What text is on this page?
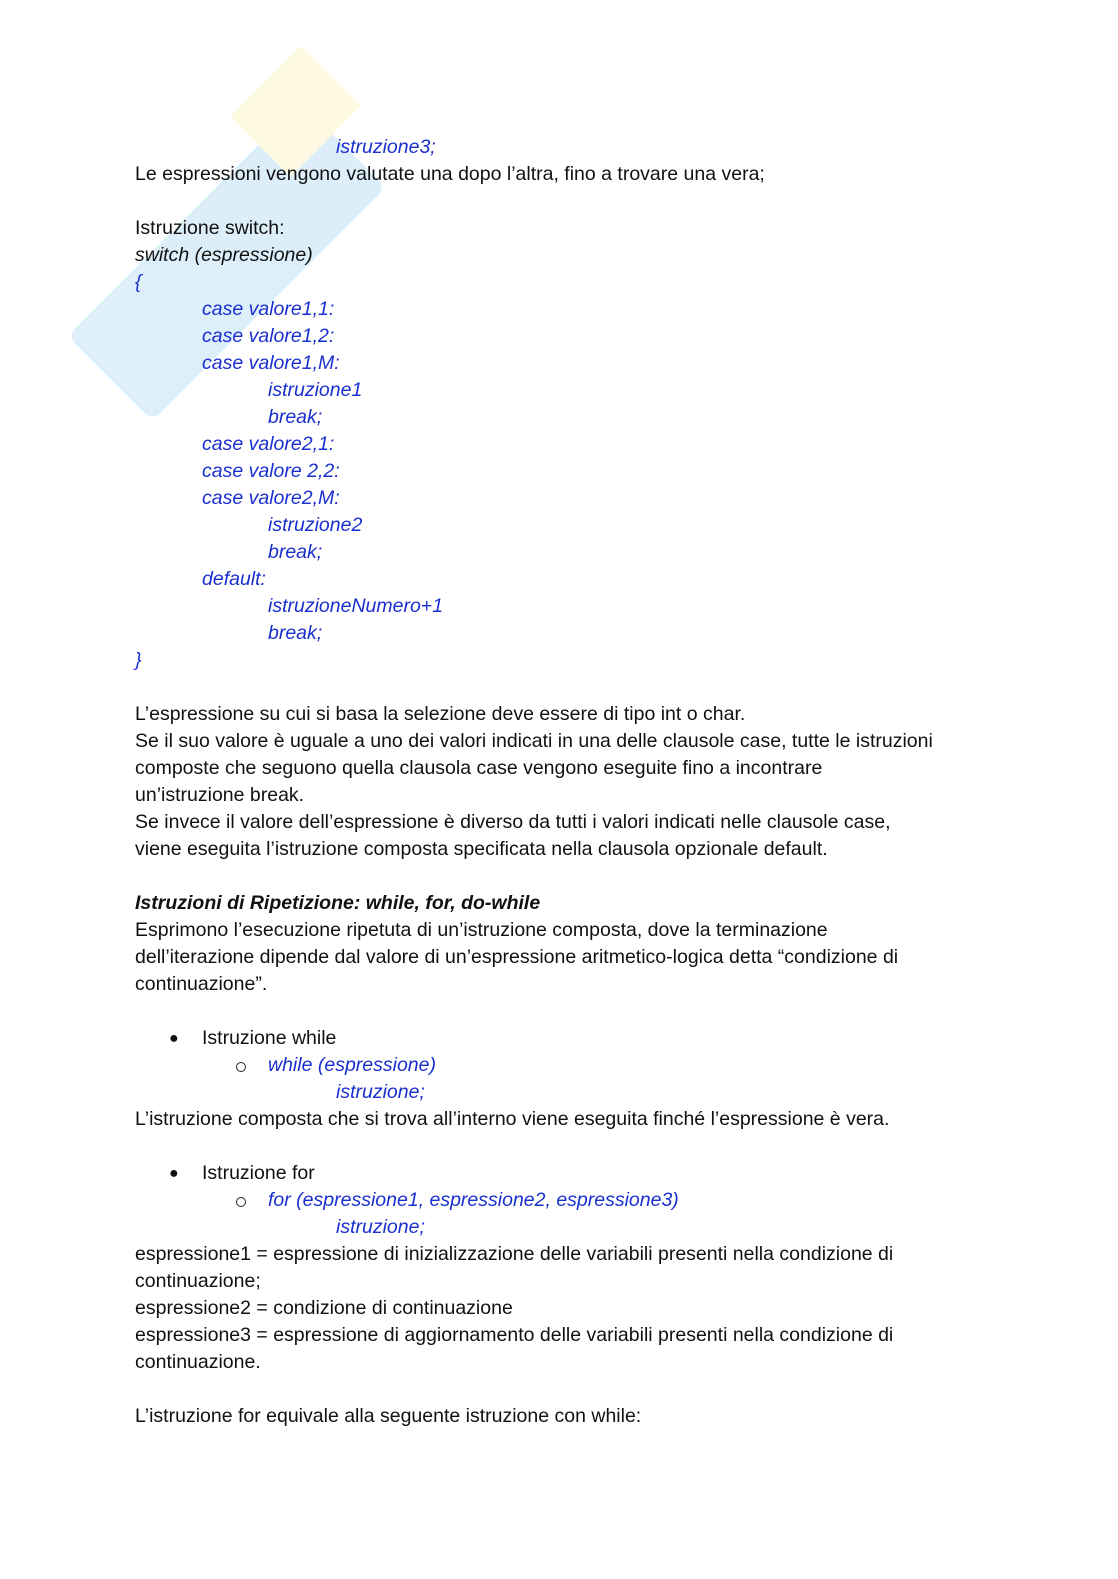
istruzione3;
Le espressioni vengono valutate una dopo l’altra, fino a trovare una vera;
Istruzione switch:
switch (espressione)
{
case valore1,1:
case valore1,2:
case valore1,M:
istruzione1
break;
case valore2,1:
case valore 2,2:
case valore2,M:
istruzione2
break;
default:
istruzioneNumero+1
break;
}
L’espressione su cui si basa la selezione deve essere di tipo int o char.
Se il suo valore è uguale a uno dei valori indicati in una delle clausole case, tutte le istruzioni
composte che seguono quella clausola case vengono eseguite fino a incontrare
un’istruzione break.
Se invece il valore dell’espressione è diverso da tutti i valori indicati nelle clausole case,
viene eseguita l’istruzione composta specificata nella clausola opzionale default.
Istruzioni di Ripetizione: while, for, do-while
Esprimono l’esecuzione ripetuta di un’istruzione composta, dove la terminazione
dell’iterazione dipende dal valore di un’espressione aritmetico-logica detta “condizione di
continuazione”.
● Istruzione while
while (espressione)
istruzione;
L’istruzione composta che si trova all’interno viene eseguita finché l’espressione è vera.
● Istruzione for
for (espressione1, espressione2, espressione3)
istruzione;
espressione1 = espressione di inizializzazione delle variabili presenti nella condizione di
continuazione;
espressione2 = condizione di continuazione
espressione3 = espressione di aggiornamento delle variabili presenti nella condizione di
continuazione.
L’istruzione for equivale alla seguente istruzione con while:
